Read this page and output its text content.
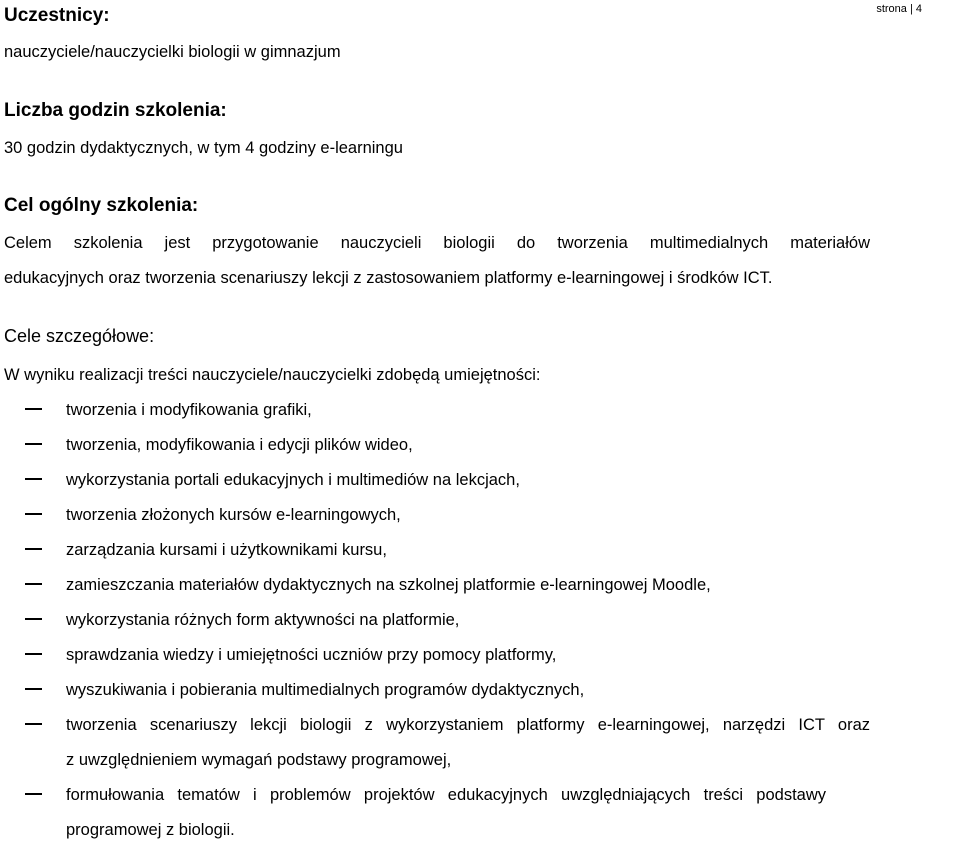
strona | 4
Uczestnicy:
nauczyciele/nauczycielki biologii w gimnazjum
Liczba godzin szkolenia:
30 godzin dydaktycznych, w tym 4 godziny e-learningu
Cel ogólny szkolenia:
Celem szkolenia jest przygotowanie nauczycieli biologii do tworzenia multimedialnych materiałów
edukacyjnych oraz tworzenia scenariuszy lekcji z zastosowaniem platformy e-learningowej i środków ICT.
Cele szczegółowe:
W wyniku realizacji treści nauczyciele/nauczycielki zdobędą umiejętności:
tworzenia i modyfikowania grafiki,
tworzenia, modyfikowania i edycji plików wideo,
wykorzystania portali edukacyjnych i multimediów na lekcjach,
tworzenia złożonych kursów e-learningowych,
zarządzania kursami i użytkownikami kursu,
zamieszczania materiałów dydaktycznych na szkolnej platformie e-learningowej Moodle,
wykorzystania różnych form aktywności na platformie,
sprawdzania wiedzy i umiejętności uczniów przy pomocy platformy,
wyszukiwania i pobierania multimedialnych programów dydaktycznych,
tworzenia scenariuszy lekcji biologii z wykorzystaniem platformy e-learningowej, narzędzi ICT oraz
z uwzględnieniem wymagań podstawy programowej,
formułowania tematów i problemów projektów edukacyjnych uwzględniających treści podstawy
programowej z biologii.
